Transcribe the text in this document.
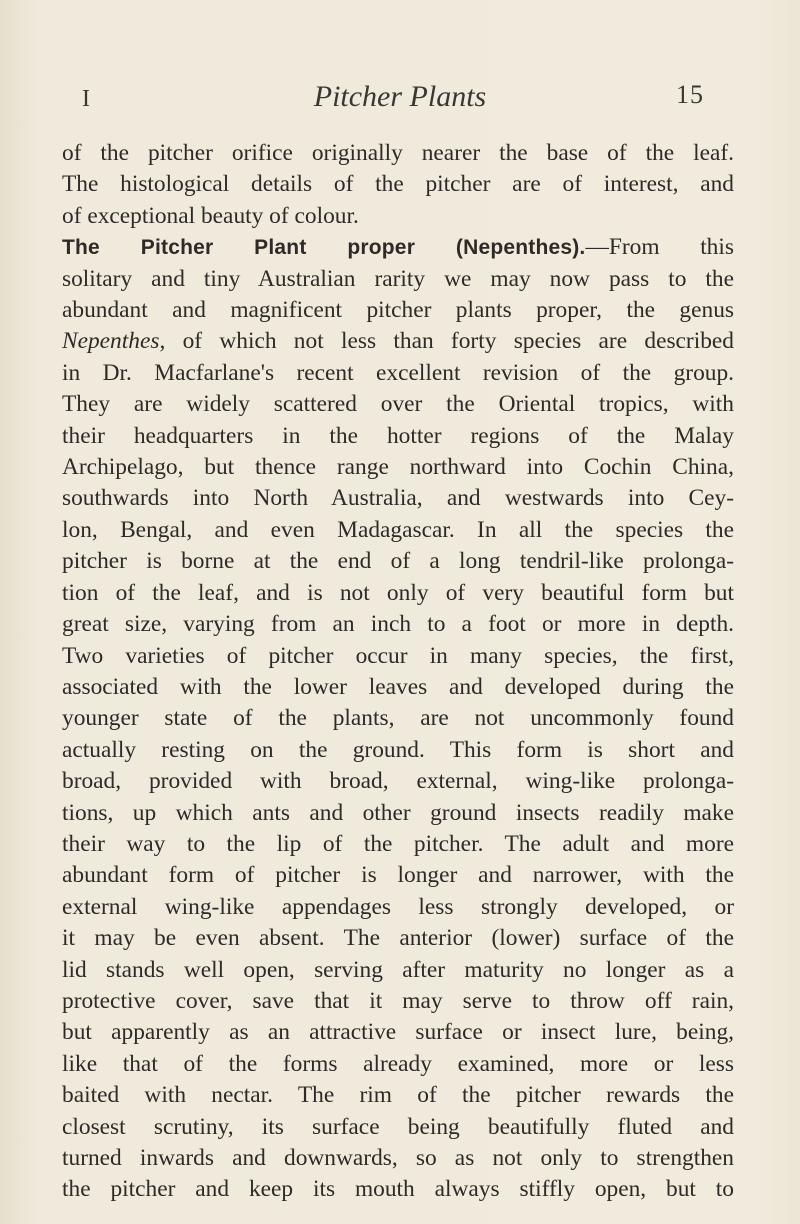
I	Pitcher Plants	15
of the pitcher orifice originally nearer the base of the leaf.
The histological details of the pitcher are of interest, and
of exceptional beauty of colour.
The Pitcher Plant proper (Nepenthes).—From this
solitary and tiny Australian rarity we may now pass to the
abundant and magnificent pitcher plants proper, the genus
Nepenthes, of which not less than forty species are described
in Dr. Macfarlane's recent excellent revision of the group.
They are widely scattered over the Oriental tropics, with
their headquarters in the hotter regions of the Malay
Archipelago, but thence range northward into Cochin China,
southwards into North Australia, and westwards into Cey-
lon, Bengal, and even Madagascar. In all the species the
pitcher is borne at the end of a long tendril-like prolonga-
tion of the leaf, and is not only of very beautiful form but
great size, varying from an inch to a foot or more in depth.
Two varieties of pitcher occur in many species, the first,
associated with the lower leaves and developed during the
younger state of the plants, are not uncommonly found
actually resting on the ground. This form is short and
broad, provided with broad, external, wing-like prolonga-
tions, up which ants and other ground insects readily make
their way to the lip of the pitcher. The adult and more
abundant form of pitcher is longer and narrower, with the
external wing-like appendages less strongly developed, or
it may be even absent. The anterior (lower) surface of the
lid stands well open, serving after maturity no longer as a
protective cover, save that it may serve to throw off rain,
but apparently as an attractive surface or insect lure, being,
like that of the forms already examined, more or less
baited with nectar. The rim of the pitcher rewards the
closest scrutiny, its surface being beautifully fluted and
turned inwards and downwards, so as not only to strengthen
the pitcher and keep its mouth always stiffly open, but to
